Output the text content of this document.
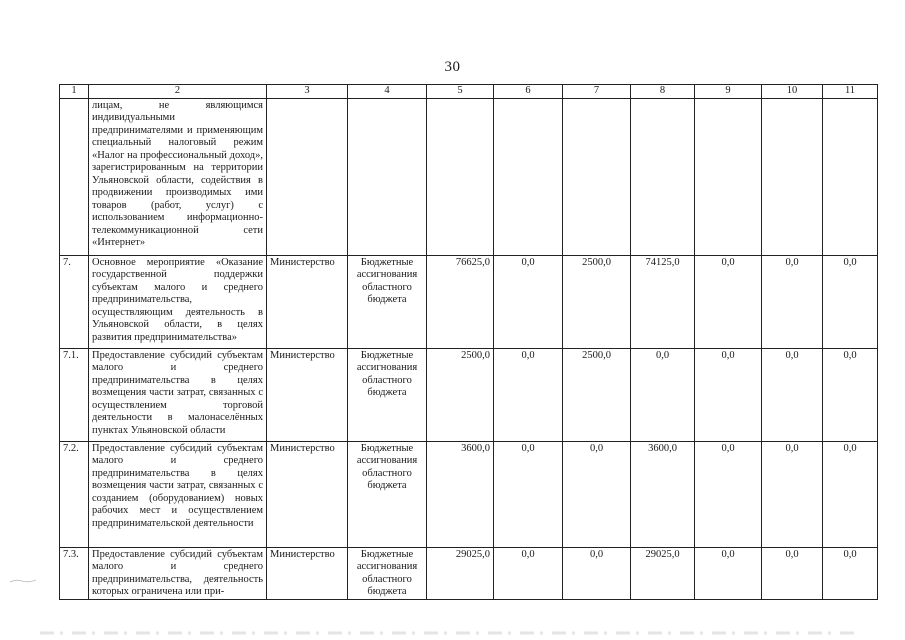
30
1	2	3	4	5	6	7	8	9	10	11
	лицам, не являющимся индивидуальными предпринимателями и применяющим специальный налоговый режим «Налог на профессиональный доход», зарегистрированным на территории Ульяновской области, содействия в продвижении производимых ими товаров (работ, услуг) с использованием информационно-телекоммуникационной сети «Интернет»									
7.	Основное мероприятие «Оказание государственной поддержки субъектам малого и среднего предпринимательства, осуществляющим деятельность в Ульяновской области, в целях развития предпринимательства»	Министерство	Бюджетные ассигнования областного бюджета	76625,0	0,0	2500,0	74125,0	0,0	0,0	0,0
7.1.	Предоставление субсидий субъектам малого и среднего предпринимательства в целях возмещения части затрат, связанных с осуществлением торговой деятельности в малонаселённых пунктах Ульяновской области	Министерство	Бюджетные ассигнования областного бюджета	2500,0	0,0	2500,0	0,0	0,0	0,0	0,0
7.2.	Предоставление субсидий субъектам малого и среднего предпринимательства в целях возмещения части затрат, связанных с созданием (оборудованием) новых рабочих мест и осуществлением предпринимательской деятельности	Министерство	Бюджетные ассигнования областного бюджета	3600,0	0,0	0,0	3600,0	0,0	0,0	0,0
7.3.	Предоставление субсидий субъектам малого и среднего предпринимательства, деятельность которых ограничена или при-	Министерство	Бюджетные ассигнования областного бюджета	29025,0	0,0	0,0	29025,0	0,0	0,0	0,0
